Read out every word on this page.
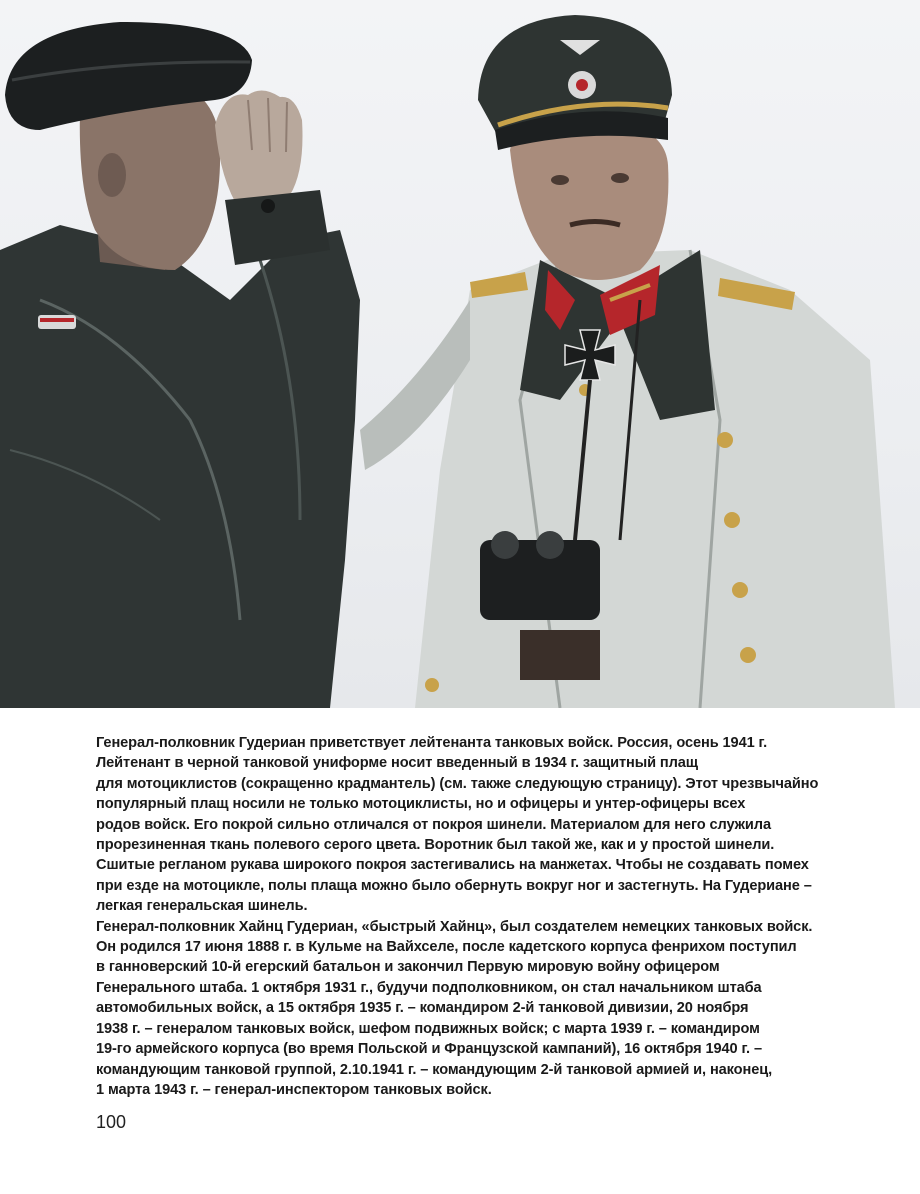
Генерал-полковник Гудериан приветствует лейтенанта танковых войск. Россия, осень 1941 г.

Лейтенант в черной танковой униформе носит введенный в 1934 г. защитный плащ

для мотоциклистов (сокращенно крадмантель) (см. также следующую страницу). Этот чрезвычайно

популярный плащ носили не только мотоциклисты, но и офицеры и унтер-офицеры всех

родов войск. Его покрой сильно отличался от покроя шинели. Материалом для него служила

прорезиненная ткань полевого серого цвета. Воротник был такой же, как и у простой шинели.

Сшитые регланом рукава широкого покроя застегивались на манжетах. Чтобы не создавать помех

при езде на мотоцикле, полы плаща можно было обернуть вокруг ног и застегнуть. На Гудериане –

легкая генеральская шинель.

Генерал-полковник Хайнц Гудериан, «быстрый Хайнц», был создателем немецких танковых войск.

Он родился 17 июня 1888 г. в Кульме на Вайхселе, после кадетского корпуса фенрихом поступил

в ганноверский 10-й егерский батальон и закончил Первую мировую войну офицером

Генерального штаба. 1 октября 1931 г., будучи подполковником, он стал начальником штаба

автомобильных войск, а 15 октября 1935 г. – командиром 2-й танковой дивизии, 20 ноября

1938 г. – генералом танковых войск, шефом подвижных войск; с марта 1939 г. – командиром

19-го армейского корпуса (во время Польской и Французской кампаний), 16 октября 1940 г. –

командующим танковой группой, 2.10.1941 г. – командующим 2-й танковой армией и, наконец,

1 марта 1943 г. – генерал-инспектором танковых войск.

100
